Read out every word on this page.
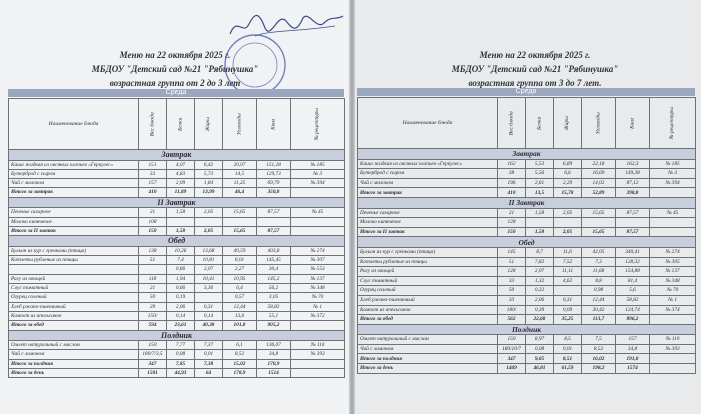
Меню на 22 октября 2025 г.
МБДОУ "Детский сад №21 "Рябинушка"
возрастная группа от 2 до 3 лет
Среда
Наименование блюда	Вес блюда	Белки	Жиры	Углеводы	Ккал	№ рецептуры
Завтрак						
Каша жидкая из овсяных хлопьев «Геркулес»	151	4,07	6,42	20,07	151,28	№ 185
Бутерброд с сыром	33	4,83	5,73	14,5	129,73	№ 3
Чай с молоком	157	2,09	1,84	11,25	69,79	№ 394
Итого за завтрак	410	11,89	13,99	46,4	350,8	
II Завтрак						
Печенье сахарное	21	1,58	2,05	15,65	87,57	№ 45
Молоко кипяченое	108					
Итого за II завтак	150	1,58	2,05	15,65	87,57	
Обед						
Бульон из кур с гренками (птица)	138	10,26	13,68	49,59	403,8	№ 274
Котлеты рубленые из птицы	51	7,4	10,81	6,01	145,45	№ 307
		0,66	2,07	2,27	30,4	№ 553
Рагу из овощей	118	1,94	10,41	10,95	145,2	№ 137
Соус томатный	21	0,66	3,36	6,4	56,2	№ 348
Огурец соленый	50	0,19		0,57	3,05	№ 70
Хлеб ржано-пшеничный	29	2,06	0,31	12,44	58,82	№ 1
Компот из апельсинов	150/	0,14	0,14	13,6	55,1	№ 372
Итого за обед	594	23,61	40,38	101,8	905,2	
Полдник						
Омлет натуральный с маслом	150	7,77	7,37	6,1	136,07	№ 110
Чай с лимоном	180/7/3,5	0,08	0,01	8,52	34,8	№ 393
Итого за полдник	347	7,85	7,38	15,02	170,9	
Итого за день	1501	44,93	64	178,9	1514	
Меню на 22 октября 2025 г.
МБДОУ "Детский сад №21 "Рябинушка"
возрастная группа от 3 до 7 лет.
Среда
Наименование блюда	Вес блюда	Белки	Жиры	Углеводы	Ккал	№ рецептуры
Завтрак						
Каша жидкая из овсяных хлопьев «Геркулес»	162	5,53	6,89	22,18	162,3	№ 185
Бутерброд с сыром	38	5,56	6,6	16,69	149,38	№ 3
Чай с молоком	196	2,61	2,29	14,02	87,12	№ 394
Итого за завтрак	410	13,5	15,78	52,89	398,8	
II Завтрак						
Печенье сахарное	21	1,58	2,05	15,65	87,57	№ 45
Молоко кипяченое	128					
Итого за II завтак	150	1,58	2,05	15,65	87,57	
Обед						
Бульон из кур с гренками (птица)	145	8,7	11,6	42,05	340,41	№ 274
Котлеты рубленые из птицы	51	7,82	7,52	7,3	128,32	№ 305
Рагу из овощей	128	2,07	11,11	11,68	154,88	№ 137
Соус томатный	33	1,32	4,62	8,8	81,4	№ 348
Огурец соленый	50	0,32		0,98	5,6	№ 70
Хлеб ржано-пшеничный	33	2,06	0,31	12,44	58,82	№ 1
Компот из апельсинов	180/	0,39	0,09	30,42	124,74	№ 374
Итого за обед	562	22,68	35,25	113,7	896,2	
Полдник						
Омлет натуральный с маслом	150	8,97	8,5	7,5	157	№ 110
Чай с лимоном	180/10/7	0,08	0,01	8,52	34,8	№ 393
Итого за полдник	347	9,05	8,51	16,02	191,8	
Итого за день	1469	46,81	61,59	198,2	1574	
